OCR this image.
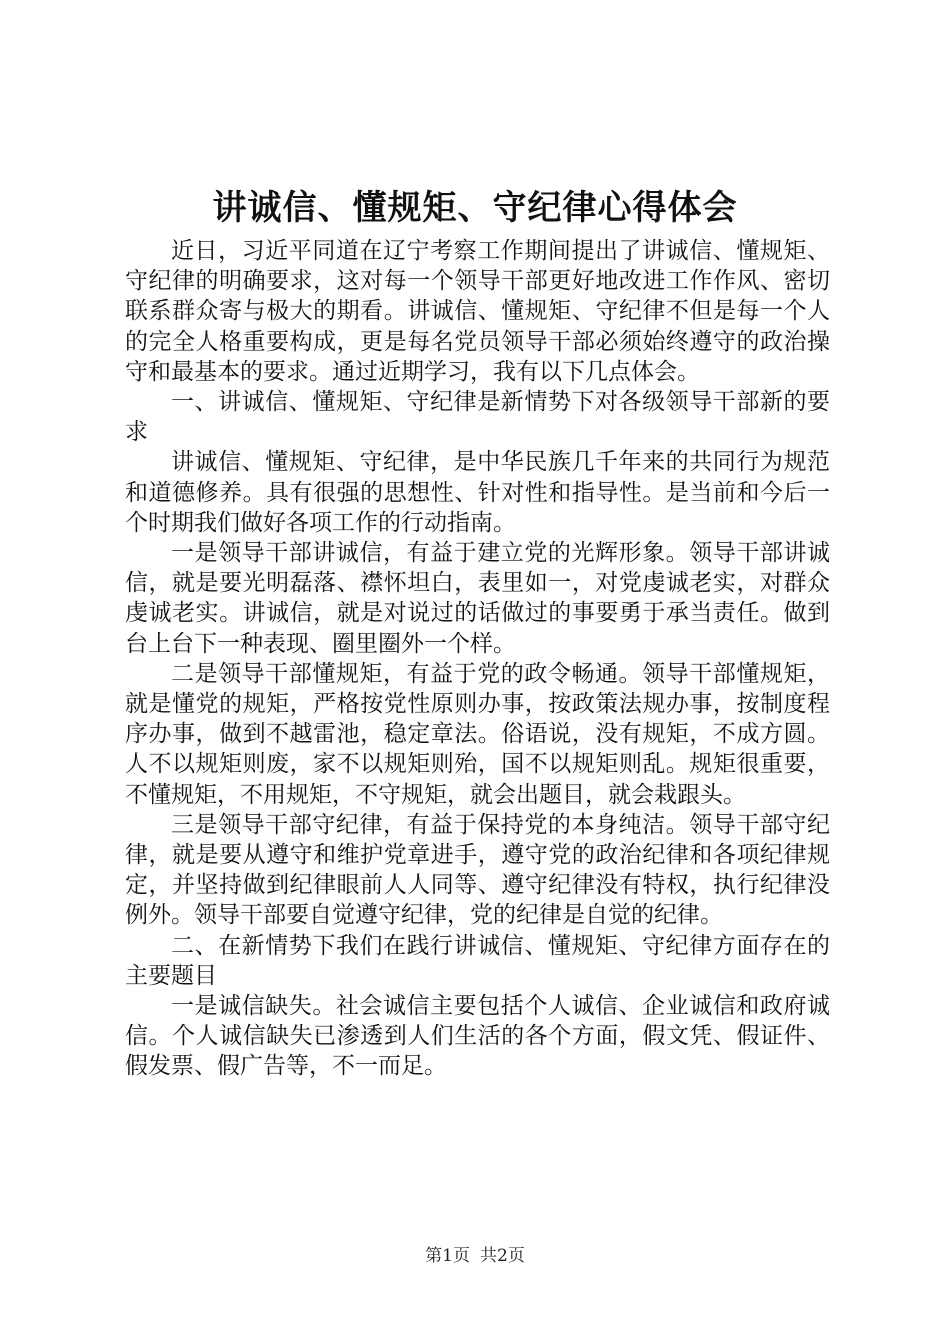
讲诚信、懂规矩、守纪律心得体会

近日，习近平同道在辽宁考察工作期间提出了讲诚信、懂规矩、守纪律的明确要求，这对每一个领导干部更好地改进工作作风、密切联系群众寄与极大的期看。讲诚信、懂规矩、守纪律不但是每一个人的完全人格重要构成，更是每名党员领导干部必须始终遵守的政治操守和最基本的要求。通过近期学习，我有以下几点体会。

一、讲诚信、懂规矩、守纪律是新情势下对各级领导干部新的要求

讲诚信、懂规矩、守纪律，是中华民族几千年来的共同行为规范和道德修养。具有很强的思想性、针对性和指导性。是当前和今后一个时期我们做好各项工作的行动指南。

一是领导干部讲诚信，有益于建立党的光辉形象。领导干部讲诚信，就是要光明磊落、襟怀坦白，表里如一，对党虔诚老实，对群众虔诚老实。讲诚信，就是对说过的话做过的事要勇于承当责任。做到台上台下一种表现、圈里圈外一个样。

二是领导干部懂规矩，有益于党的政令畅通。领导干部懂规矩，就是懂党的规矩，严格按党性原则办事，按政策法规办事，按制度程序办事，做到不越雷池，稳定章法。俗语说，没有规矩，不成方圆。人不以规矩则废，家不以规矩则殆，国不以规矩则乱。规矩很重要，不懂规矩，不用规矩，不守规矩，就会出题目，就会栽跟头。

三是领导干部守纪律，有益于保持党的本身纯洁。领导干部守纪律，就是要从遵守和维护党章进手，遵守党的政治纪律和各项纪律规定，并坚持做到纪律眼前人人同等、遵守纪律没有特权，执行纪律没例外。领导干部要自觉遵守纪律，党的纪律是自觉的纪律。

二、在新情势下我们在践行讲诚信、懂规矩、守纪律方面存在的主要题目

一是诚信缺失。社会诚信主要包括个人诚信、企业诚信和政府诚信。个人诚信缺失已渗透到人们生活的各个方面，假文凭、假证件、假发票、假广告等，不一而足。

第1页 共2页
